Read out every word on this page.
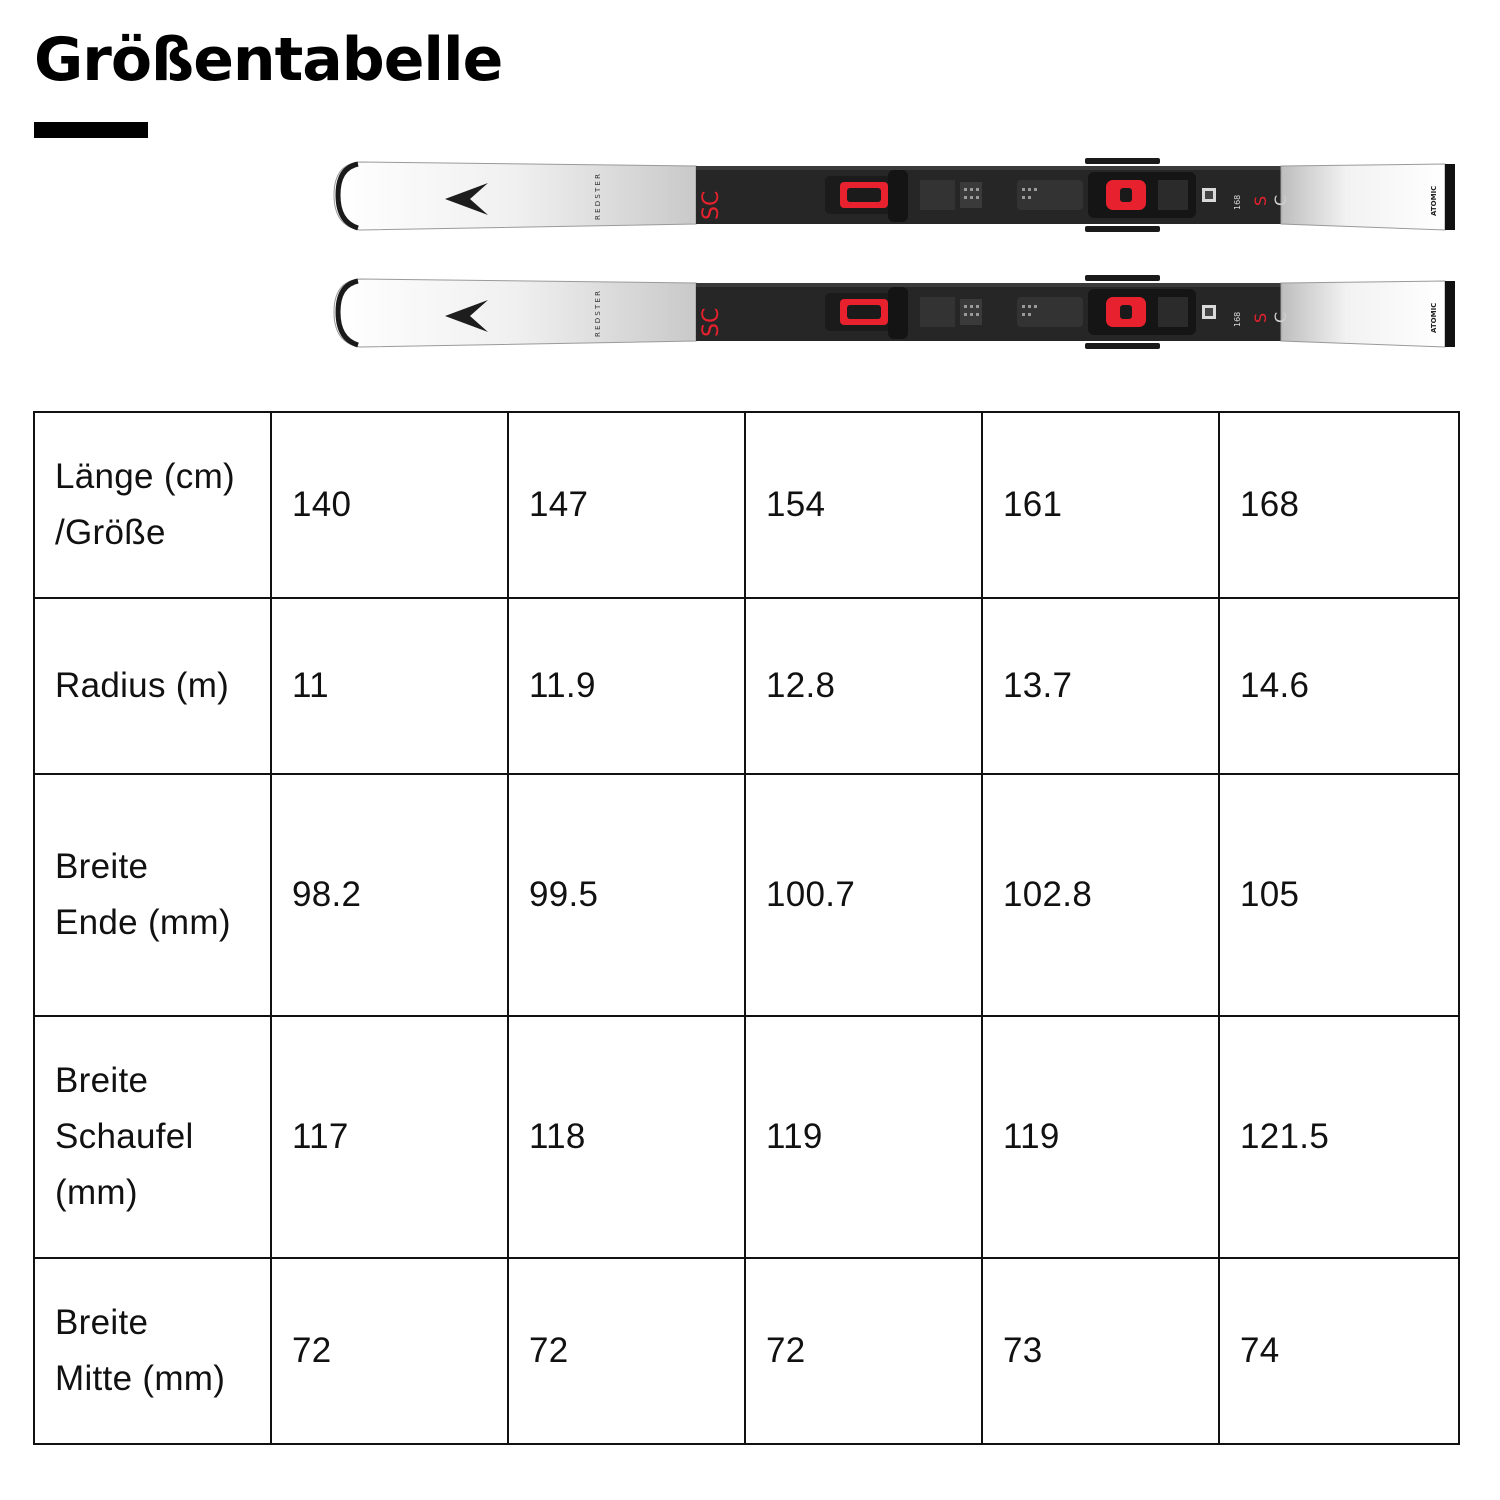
Größentabelle
Länge (cm)
/Größe	140	147	154	161	168
Radius (m)	11	11.9	12.8	13.7	14.6
Breite
Ende (mm)	98.2	99.5	100.7	102.8	105
Breite
Schaufel
(mm)	117	118	119	119	121.5
Breite
Mitte (mm)	72	72	72	73	74
